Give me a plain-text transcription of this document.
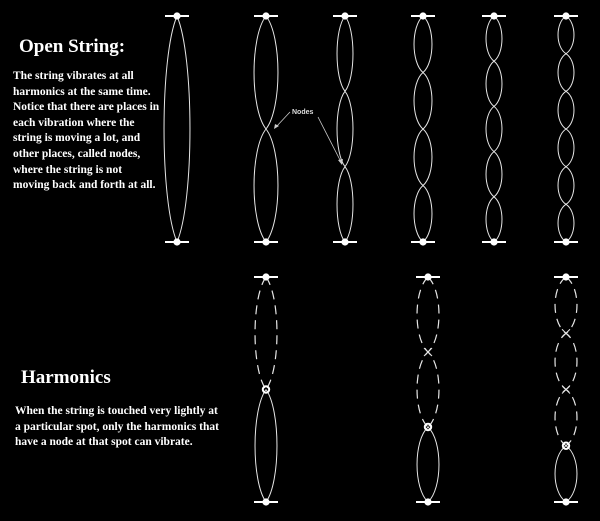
Open String:
The string vibrates at all harmonics at the same time.
Notice that there are places in each vibration where the string is moving a lot, and other places, called nodes, where the string is not moving back and forth at all.
Harmonics
When the string is touched very lightly at a particular spot, only the harmonics that have a node at that spot can vibrate.
Nodes
